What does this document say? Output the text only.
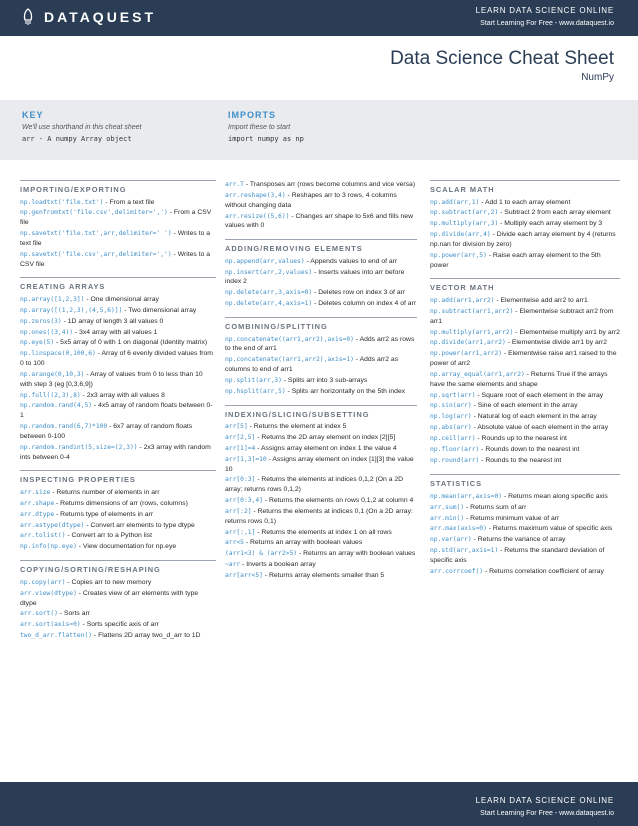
DATAQUEST	LEARN DATA SCIENCE ONLINE
Start Learning For Free - www.dataquest.io
Data Science Cheat Sheet
NumPy
KEY
We'll use shorthand in this cheat sheet
arr - A numpy Array object
IMPORTS
Import these to start
import numpy as np
IMPORTING/EXPORTING
np.loadtxt('file.txt') - From a text file
np.genfromtxt('file.csv',delimiter=',') - From a CSV file
np.savetxt('file.txt',arr,delimiter=' ') - Writes to a text file
np.savetxt('file.csv',arr,delimiter=',') - Writes to a CSV file
CREATING ARRAYS
np.array([1,2,3]) - One dimensional array
np.array([(1,2,3),(4,5,6)]) - Two dimensional array
np.zeros(3) - 1D array of length 3 all values 0
np.ones((3,4)) - 3x4 array with all values 1
np.eye(5) - 5x5 array of 0 with 1 on diagonal (Identity matrix)
np.linspace(0,100,6) - Array of 6 evenly divided values from 0 to 100
np.arange(0,10,3) - Array of values from 0 to less than 10 with step 3 (eg [0,3,6,9])
np.full((2,3),8) - 2x3 array with all values 8
np.random.rand(4,5) - 4x5 array of random floats between 0-1
np.random.rand(6,7)*100 - 6x7 array of random floats between 0-100
np.random.randint(5,size=(2,3)) - 2x3 array with random ints between 0-4
INSPECTING PROPERTIES
arr.size - Returns number of elements in arr
arr.shape - Returns dimensions of arr (rows, columns)
arr.dtype - Returns type of elements in arr
arr.astype(dtype) - Convert arr elements to type dtype
arr.tolist() - Convert arr to a Python list
np.info(np.eye) - View documentation for np.eye
COPYING/SORTING/RESHAPING
np.copy(arr) - Copies arr to new memory
arr.view(dtype) - Creates view of arr elements with type dtype
arr.sort() - Sorts arr
arr.sort(axis=0) - Sorts specific axis of arr
two_d_arr.flatten() - Flattens 2D array two_d_arr to 1D
arr.T - Transposes arr (rows become columns and vice versa)
arr.reshape(3,4) - Reshapes arr to 3 rows, 4 columns without changing data
arr.resize((5,6)) - Changes arr shape to 5x6 and fills new values with 0
ADDING/REMOVING ELEMENTS
np.append(arr,values) - Appends values to end of arr
np.insert(arr,2,values) - Inserts values into arr before index 2
np.delete(arr,3,axis=0) - Deletes row on index 3 of arr
np.delete(arr,4,axis=1) - Deletes column on index 4 of arr
COMBINING/SPLITTING
np.concatenate((arr1,arr2),axis=0) - Adds arr2 as rows to the end of arr1
np.concatenate((arr1,arr2),axis=1) - Adds arr2 as columns to end of arr1
np.split(arr,3) - Splits arr into 3 sub-arrays
np.hsplit(arr,5) - Splits arr horizontally on the 5th index
INDEXING/SLICING/SUBSETTING
arr[5] - Returns the element at index 5
arr[2,5] - Returns the 2D array element on index [2][5]
arr[1]=4 - Assigns array element on index 1 the value 4
arr[1,3]=10 - Assigns array element on index [1][3] the value 10
arr[0:3] - Returns the elements at indices 0,1,2 (On a 2D array: returns rows 0,1,2)
arr[0:3,4] - Returns the elements on rows 0,1,2 at column 4
arr[:2] - Returns the elements at indices 0,1 (On a 2D array: returns rows 0,1)
arr[:,1] - Returns the elements at index 1 on all rows
arr<5 - Returns an array with boolean values
(arr1<3) & (arr2>5) - Returns an array with boolean values
~arr - Inverts a boolean array
arr[arr<5] - Returns array elements smaller than 5
SCALAR MATH
np.add(arr,1) - Add 1 to each array element
np.subtract(arr,2) - Subtract 2 from each array element
np.multiply(arr,3) - Multiply each array element by 3
np.divide(arr,4) - Divide each array element by 4 (returns np.nan for division by zero)
np.power(arr,5) - Raise each array element to the 5th power
VECTOR MATH
np.add(arr1,arr2) - Elementwise add arr2 to arr1
np.subtract(arr1,arr2) - Elementwise subtract arr2 from arr1
np.multiply(arr1,arr2) - Elementwise multiply arr1 by arr2
np.divide(arr1,arr2) - Elementwise divide arr1 by arr2
np.power(arr1,arr2) - Elementwise raise arr1 raised to the power of arr2
np.array_equal(arr1,arr2) - Returns True if the arrays have the same elements and shape
np.sqrt(arr) - Square root of each element in the array
np.sin(arr) - Sine of each element in the array
np.log(arr) - Natural log of each element in the array
np.abs(arr) - Absolute value of each element in the array
np.ceil(arr) - Rounds up to the nearest int
np.floor(arr) - Rounds down to the nearest int
np.round(arr) - Rounds to the nearest int
STATISTICS
np.mean(arr,axis=0) - Returns mean along specific axis
arr.sum() - Returns sum of arr
arr.min() - Returns minimum value of arr
arr.max(axis=0) - Returns maximum value of specific axis
np.var(arr) - Returns the variance of array
np.std(arr,axis=1) - Returns the standard deviation of specific axis
arr.corrcoef() - Returns correlation coefficient of array
LEARN DATA SCIENCE ONLINE
Start Learning For Free - www.dataquest.io
